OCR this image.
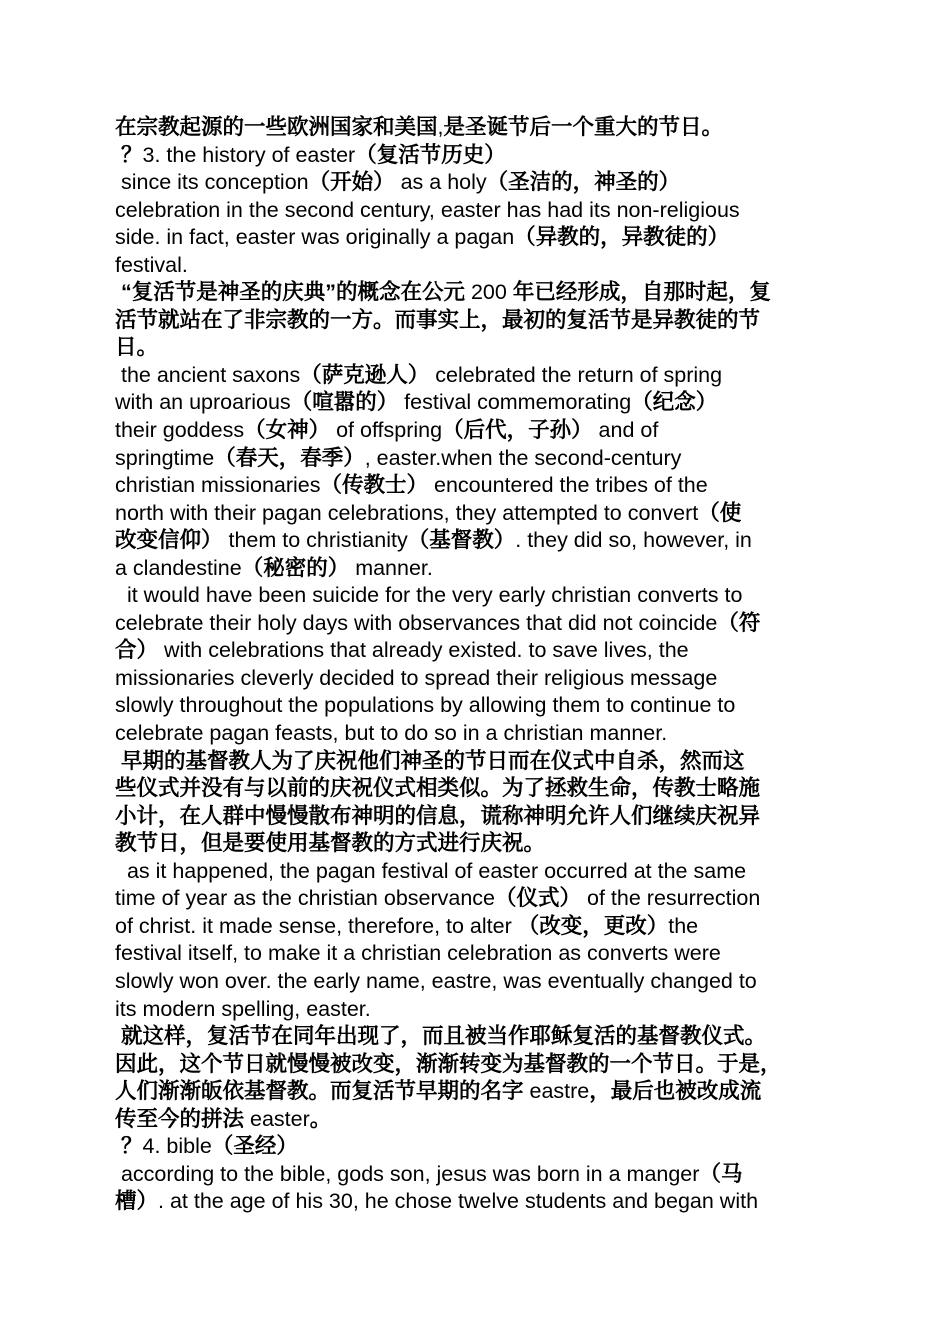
在宗教起源的一些欧洲国家和美国,是圣诞节后一个重大的节日。
？3. the history of easter（复活节历史）
since its conception（开始） as a holy（圣洁的，神圣的）
celebration in the second century, easter has had its non-religious
side. in fact, easter was originally a pagan（异教的，异教徒的）
festival.
“复活节是神圣的庆典”的概念在公元 200 年已经形成，自那时起，复
活节就站在了非宗教的一方。而事实上，最初的复活节是异教徒的节
日。
the ancient saxons（萨克逊人） celebrated the return of spring
with an uproarious（喧嚣的） festival commemorating（纪念）
their goddess（女神） of offspring（后代，子孙） and of
springtime（春天，春季）, easter.when the second-century
christian missionaries（传教士） encountered the tribes of the
north with their pagan celebrations, they attempted to convert（使
改变信仰） them to christianity（基督教）. they did so, however, in
a clandestine（秘密的） manner.
it would have been suicide for the very early christian converts to
celebrate their holy days with observances that did not coincide（符
合） with celebrations that already existed. to save lives, the
missionaries cleverly decided to spread their religious message
slowly throughout the populations by allowing them to continue to
celebrate pagan feasts, but to do so in a christian manner.
早期的基督教人为了庆祝他们神圣的节日而在仪式中自杀，然而这
些仪式并没有与以前的庆祝仪式相类似。为了拯救生命，传教士略施
小计，在人群中慢慢散布神明的信息，谎称神明允许人们继续庆祝异
教节日，但是要使用基督教的方式进行庆祝。
as it happened, the pagan festival of easter occurred at the same
time of year as the christian observance（仪式） of the resurrection
of christ. it made sense, therefore, to alter （改变，更改）the
festival itself, to make it a christian celebration as converts were
slowly won over. the early name, eastre, was eventually changed to
its modern spelling, easter.
就这样，复活节在同年出现了，而且被当作耶稣复活的基督教仪式。
因此，这个节日就慢慢被改变，渐渐转变为基督教的一个节日。于是，
人们渐渐皈依基督教。而复活节早期的名字 eastre，最后也被改成流
传至今的拼法 easter。
？4. bible（圣经）
according to the bible, gods son, jesus was born in a manger（马
槽）. at the age of his 30, he chose twelve students and began with
